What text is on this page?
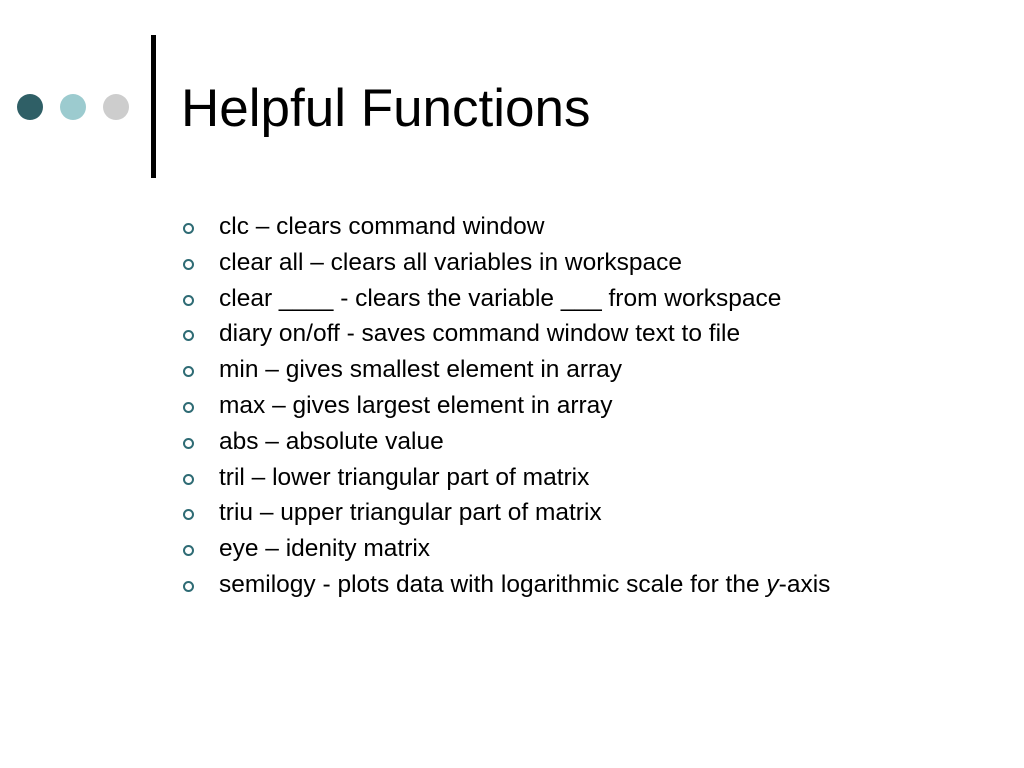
Helpful Functions
clc – clears command window
clear all – clears all variables in workspace
clear ____ - clears the variable ___ from workspace
diary on/off - saves command window text to file
min – gives smallest element in array
max – gives largest element in array
abs – absolute value
tril – lower triangular part of matrix
triu – upper triangular part of matrix
eye – idenity matrix
semilogy - plots data with logarithmic scale for the y-axis
